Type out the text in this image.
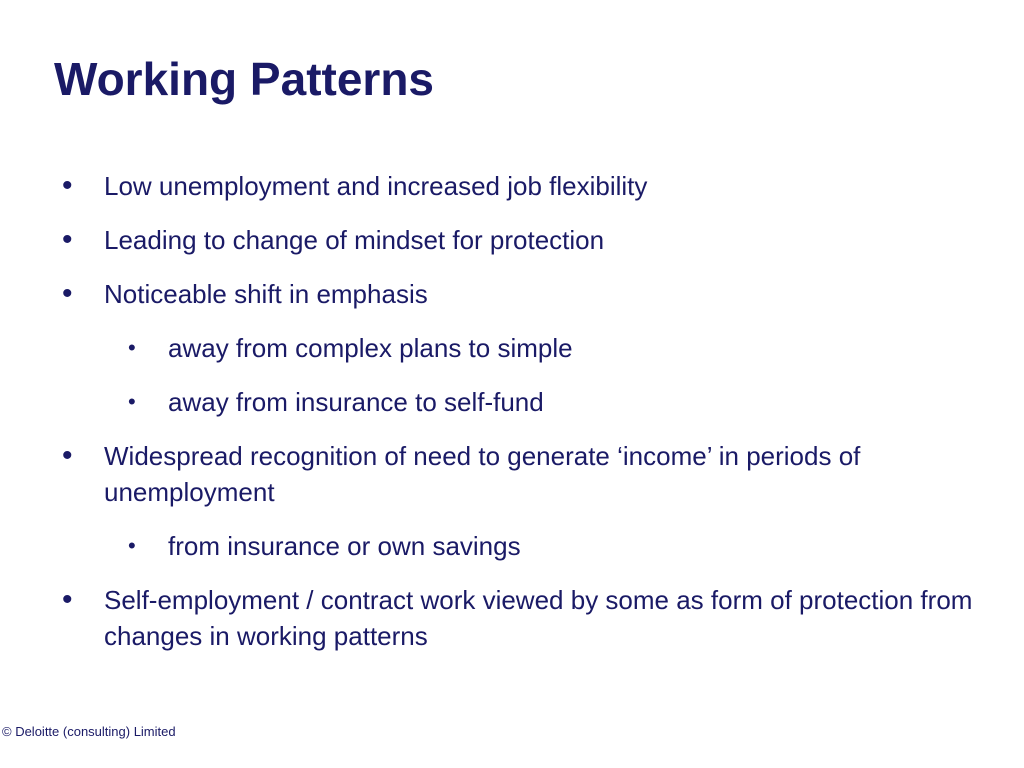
Working Patterns
• Low unemployment and increased job flexibility
• Leading to change of mindset for protection
• Noticeable shift in emphasis
• away from complex plans to simple
• away from insurance to self-fund
• Widespread recognition of need to generate ‘income’ in periods of unemployment
• from insurance or own savings
• Self-employment / contract work viewed by some as form of protection from changes in working patterns
© Deloitte (consulting) Limited
